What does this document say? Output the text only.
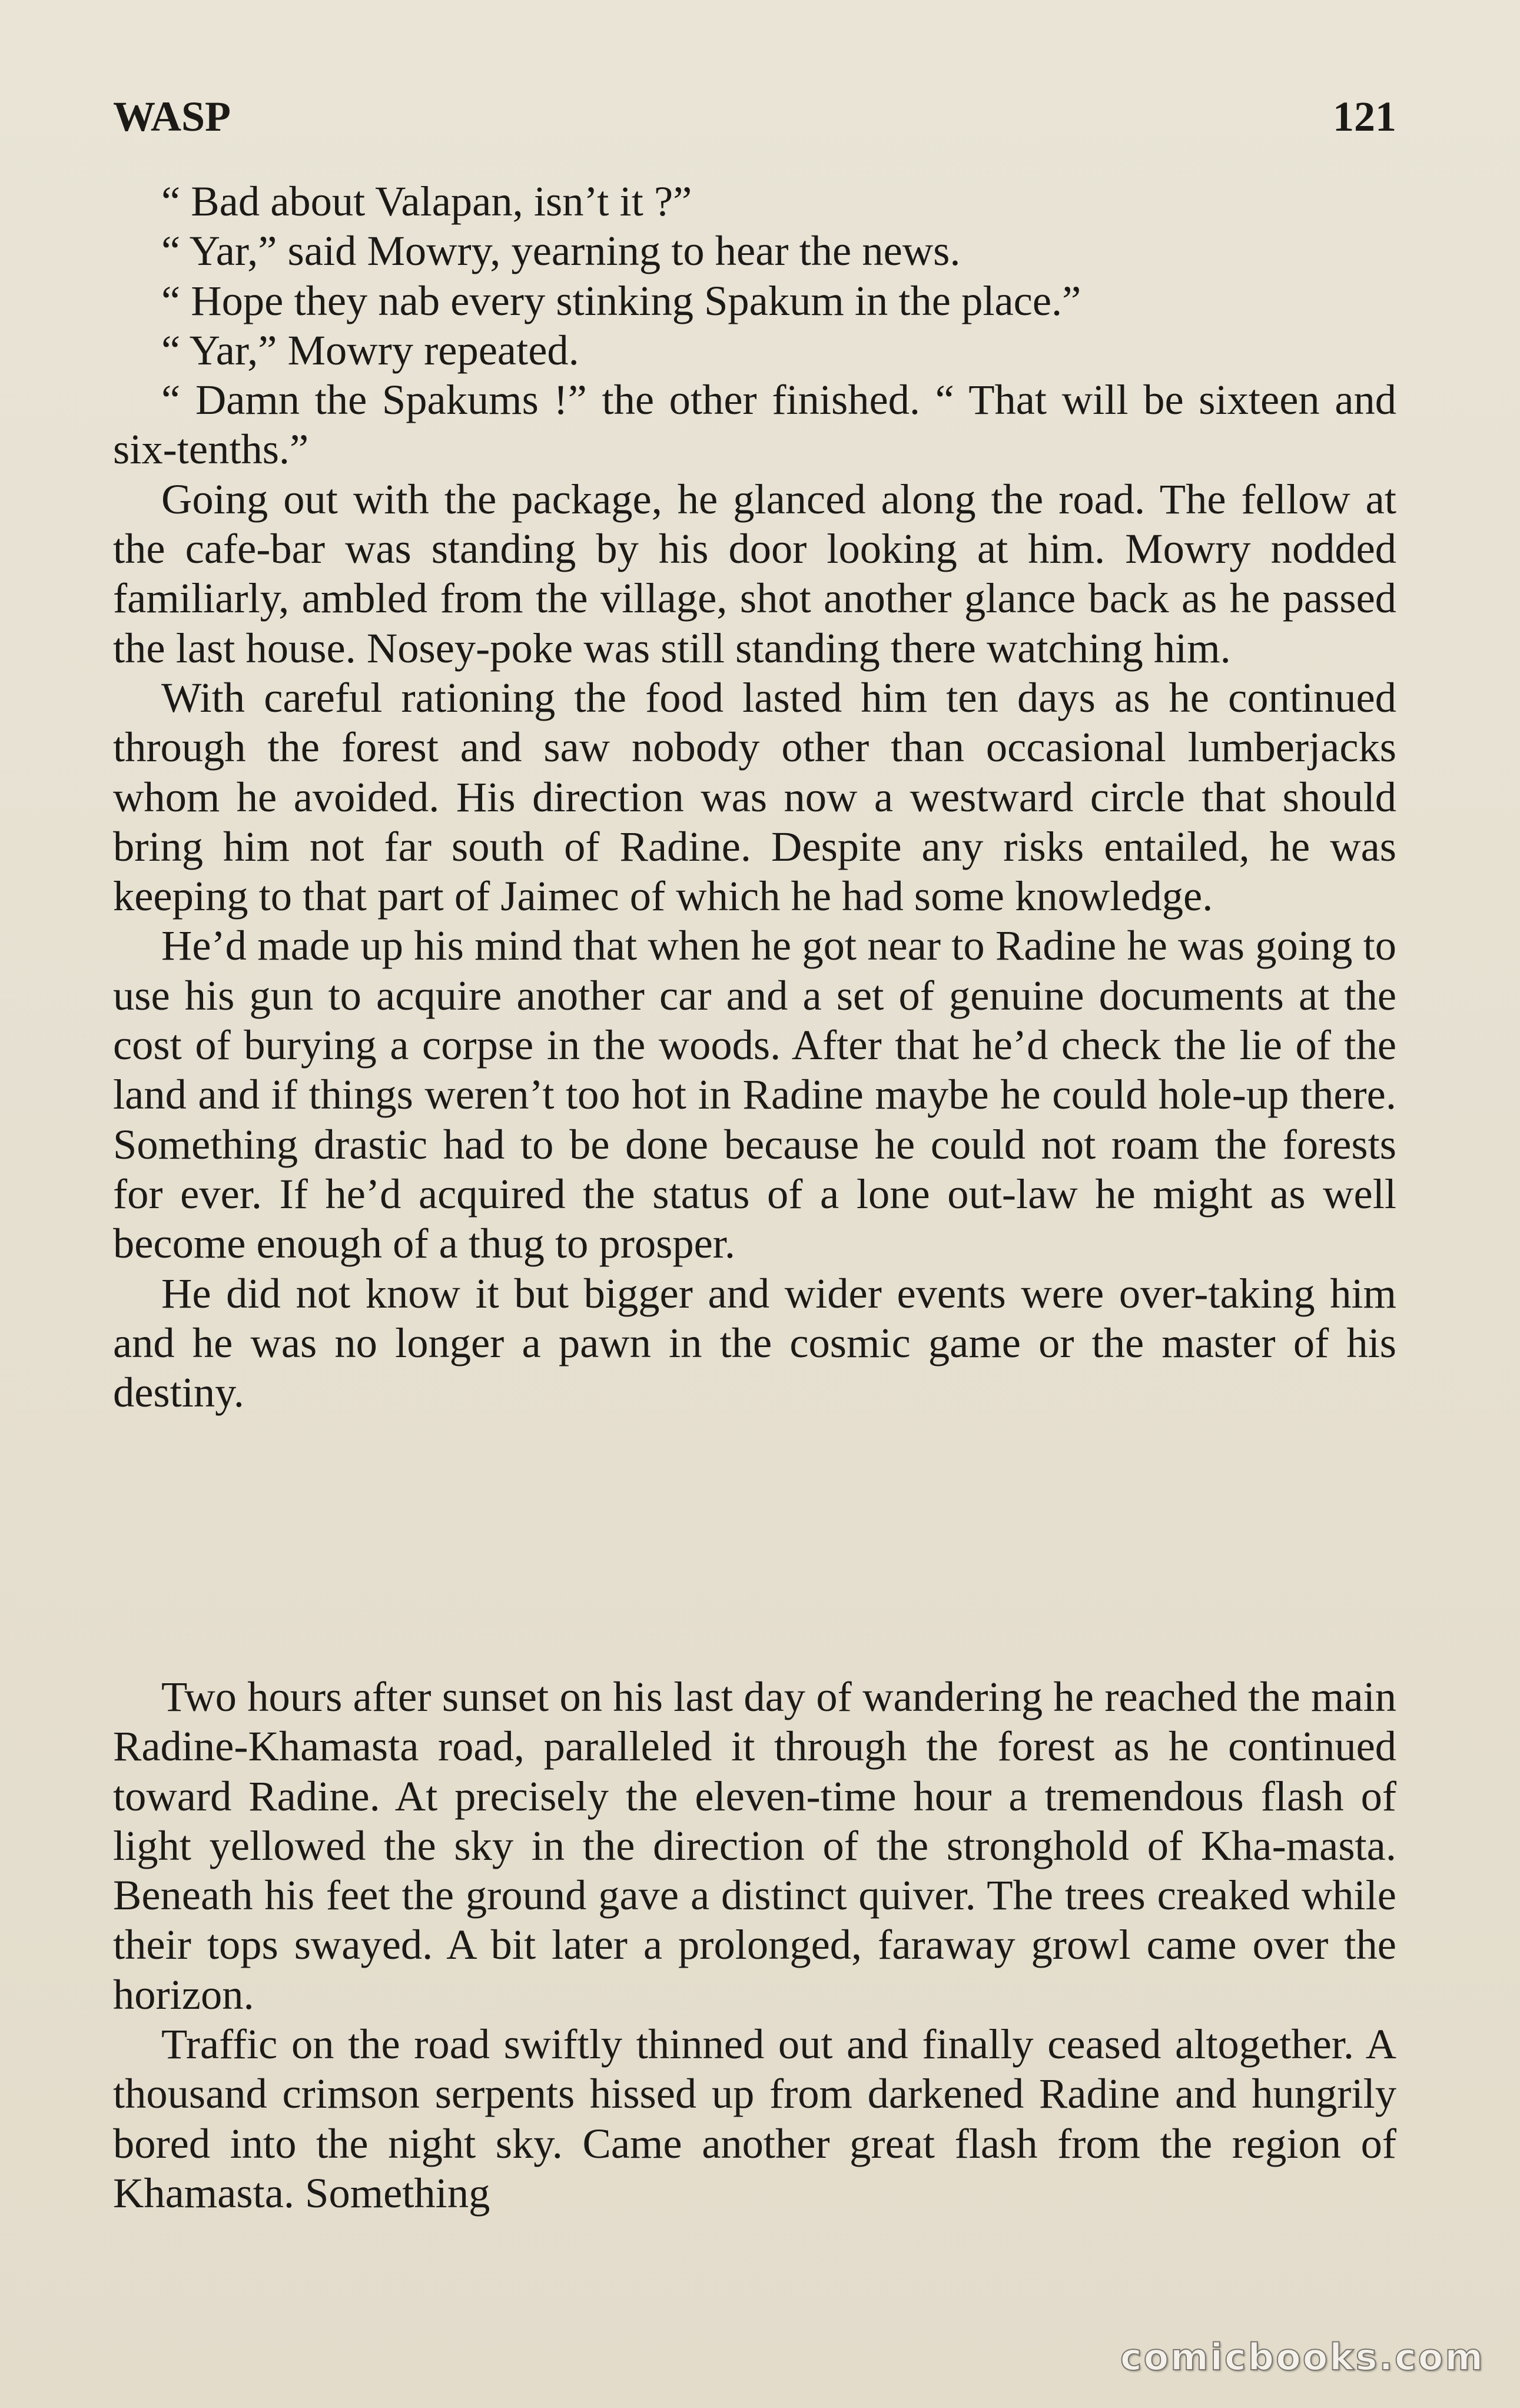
WASP	121

“ Bad about Valapan, isn’t it ?”

“ Yar,” said Mowry, yearning to hear the news.

“ Hope they nab every stinking Spakum in the place.”

“ Yar,” Mowry repeated.

“ Damn the Spakums !” the other finished. “ That will be sixteen and six-tenths.”

Going out with the package, he glanced along the road. The fellow at the cafe-bar was standing by his door looking at him. Mowry nodded familiarly, ambled from the village, shot another glance back as he passed the last house. Nosey-poke was still standing there watching him.

With careful rationing the food lasted him ten days as he continued through the forest and saw nobody other than occasional lumberjacks whom he avoided. His direction was now a westward circle that should bring him not far south of Radine. Despite any risks entailed, he was keeping to that part of Jaimec of which he had some knowledge.

He’d made up his mind that when he got near to Radine he was going to use his gun to acquire another car and a set of genuine documents at the cost of burying a corpse in the woods. After that he’d check the lie of the land and if things weren’t too hot in Radine maybe he could hole-up there. Something drastic had to be done because he could not roam the forests for ever. If he’d acquired the status of a lone out-law he might as well become enough of a thug to prosper.

He did not know it but bigger and wider events were over-taking him and he was no longer a pawn in the cosmic game or the master of his destiny.

Two hours after sunset on his last day of wandering he reached the main Radine-Khamasta road, paralleled it through the forest as he continued toward Radine. At precisely the eleven-time hour a tremendous flash of light yellowed the sky in the direction of the stronghold of Kha-masta. Beneath his feet the ground gave a distinct quiver. The trees creaked while their tops swayed. A bit later a prolonged, faraway growl came over the horizon.

Traffic on the road swiftly thinned out and finally ceased altogether. A thousand crimson serpents hissed up from darkened Radine and hungrily bored into the night sky. Came another great flash from the region of Khamasta. Something

comicbooks.com
